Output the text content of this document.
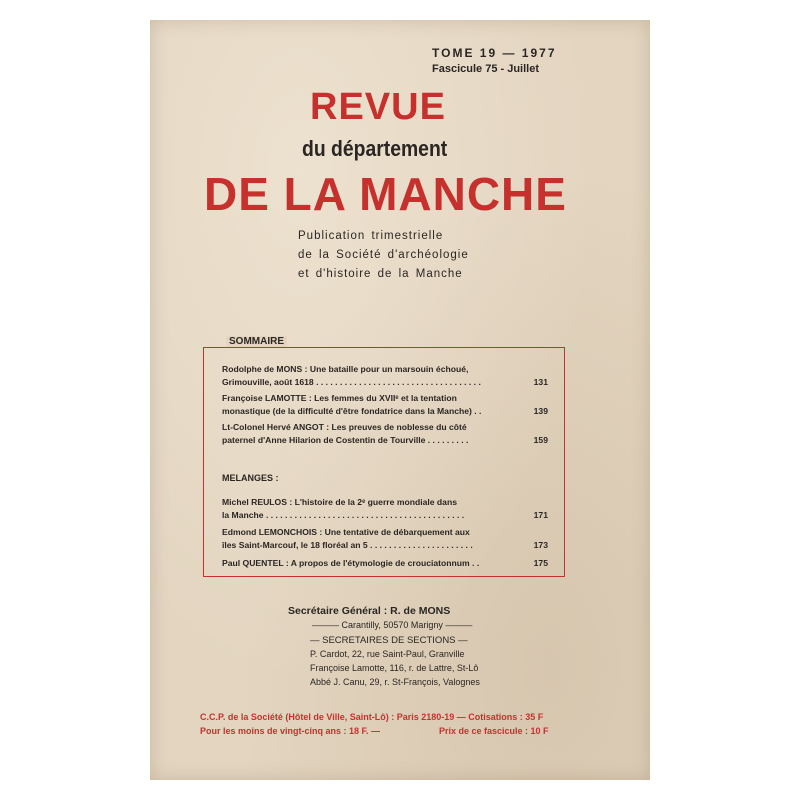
TOME 19 — 1977
Fascicule 75 - Juillet
REVUE
du département
DE LA MANCHE
Publication trimestrielle
de la Société d'archéologie
et d'histoire de la Manche
SOMMAIRE
Rodolphe de MONS : Une bataille pour un marsouin échoué,
Grimouville, août 1618 . . . . . . . . . . . . . . . . . . . . . . . . . . . . . . . . . . .	131
Françoise LAMOTTE : Les femmes du XVIIᵉ et la tentation
monastique (de la difficulté d'être fondatrice dans la Manche) . .	139
Lt-Colonel Hervé ANGOT : Les preuves de noblesse du côté
paternel d'Anne Hilarion de Costentin de Tourville . . . . . . . . .	159
MELANGES :
Michel REULOS : L'histoire de la 2ᵉ guerre mondiale dans
la Manche . . . . . . . . . . . . . . . . . . . . . . . . . . . . . . . . . . . . . . . . . .	171
Edmond LEMONCHOIS : Une tentative de débarquement aux
îles Saint-Marcouf, le 18 floréal an 5 . . . . . . . . . . . . . . . . . . . . . .	173
Paul QUENTEL : A propos de l'étymologie de crouciatonnum . .	175
Secrétaire Général : R. de MONS
——— Carantilly, 50570 Marigny ———
— SECRETAIRES DE SECTIONS —
P. Cardot, 22, rue Saint-Paul, Granville
Françoise Lamotte, 116, r. de Lattre, St-Lô
Abbé J. Canu, 29, r. St-François, Valognes
C.C.P. de la Société (Hôtel de Ville, Saint-Lô) : Paris 2180-19 — Cotisations : 35 F
Pour les moins de vingt-cinq ans : 18 F. —	Prix de ce fascicule : 10 F
